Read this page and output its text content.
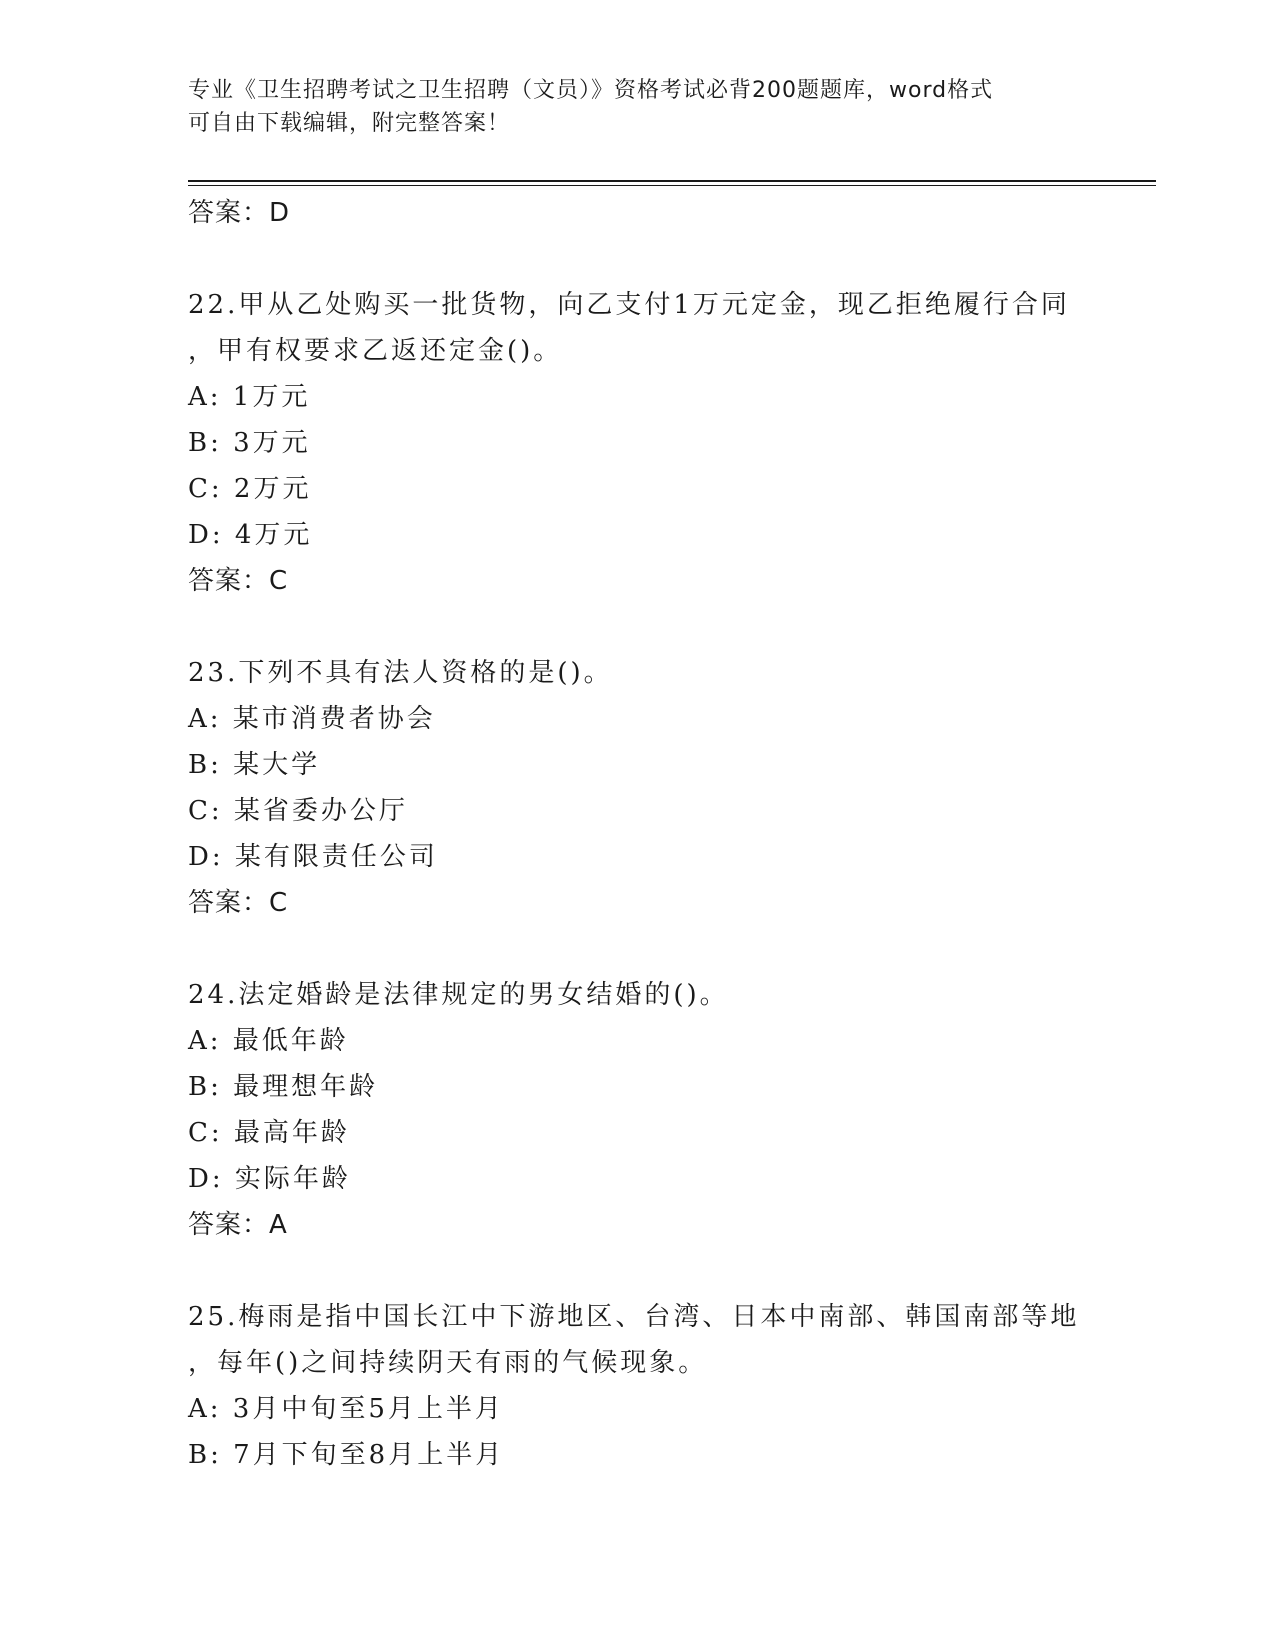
专业《卫生招聘考试之卫生招聘（文员）》资格考试必背200题题库，word格式
可自由下载编辑，附完整答案！
答案：D
22.甲从乙处购买一批货物，向乙支付1万元定金，现乙拒绝履行合同
，甲有权要求乙返还定金()。
A: 1万元
B: 3万元
C: 2万元
D: 4万元
答案：C
23.下列不具有法人资格的是()。
A: 某市消费者协会
B: 某大学
C: 某省委办公厅
D: 某有限责任公司
答案：C
24.法定婚龄是法律规定的男女结婚的()。
A: 最低年龄
B: 最理想年龄
C: 最高年龄
D: 实际年龄
答案：A
25.梅雨是指中国长江中下游地区、台湾、日本中南部、韩国南部等地
，每年()之间持续阴天有雨的气候现象。
A: 3月中旬至5月上半月
B: 7月下旬至8月上半月
